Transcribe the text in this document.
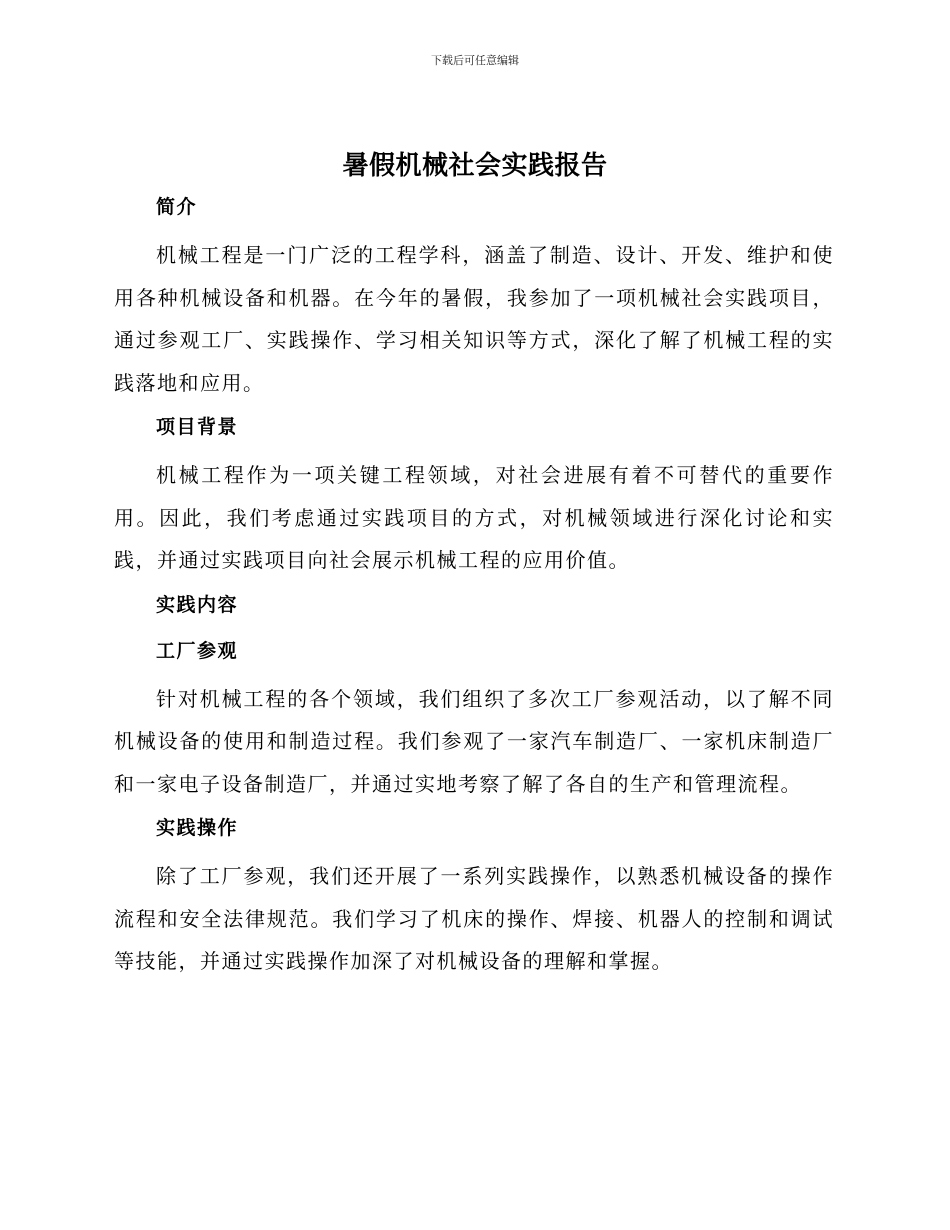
下载后可任意编辑
暑假机械社会实践报告
简介

机械工程是一门广泛的工程学科，涵盖了制造、设计、开发、维护和使用各种机械设备和机器。在今年的暑假，我参加了一项机械社会实践项目，通过参观工厂、实践操作、学习相关知识等方式，深化了解了机械工程的实践落地和应用。

项目背景

机械工程作为一项关键工程领域，对社会进展有着不可替代的重要作用。因此，我们考虑通过实践项目的方式，对机械领域进行深化讨论和实践，并通过实践项目向社会展示机械工程的应用价值。

实践内容
工厂参观

针对机械工程的各个领域，我们组织了多次工厂参观活动，以了解不同机械设备的使用和制造过程。我们参观了一家汽车制造厂、一家机床制造厂和一家电子设备制造厂，并通过实地考察了解了各自的生产和管理流程。

实践操作

除了工厂参观，我们还开展了一系列实践操作，以熟悉机械设备的操作流程和安全法律规范。我们学习了机床的操作、焊接、机器人的控制和调试等技能，并通过实践操作加深了对机械设备的理解和掌握。
